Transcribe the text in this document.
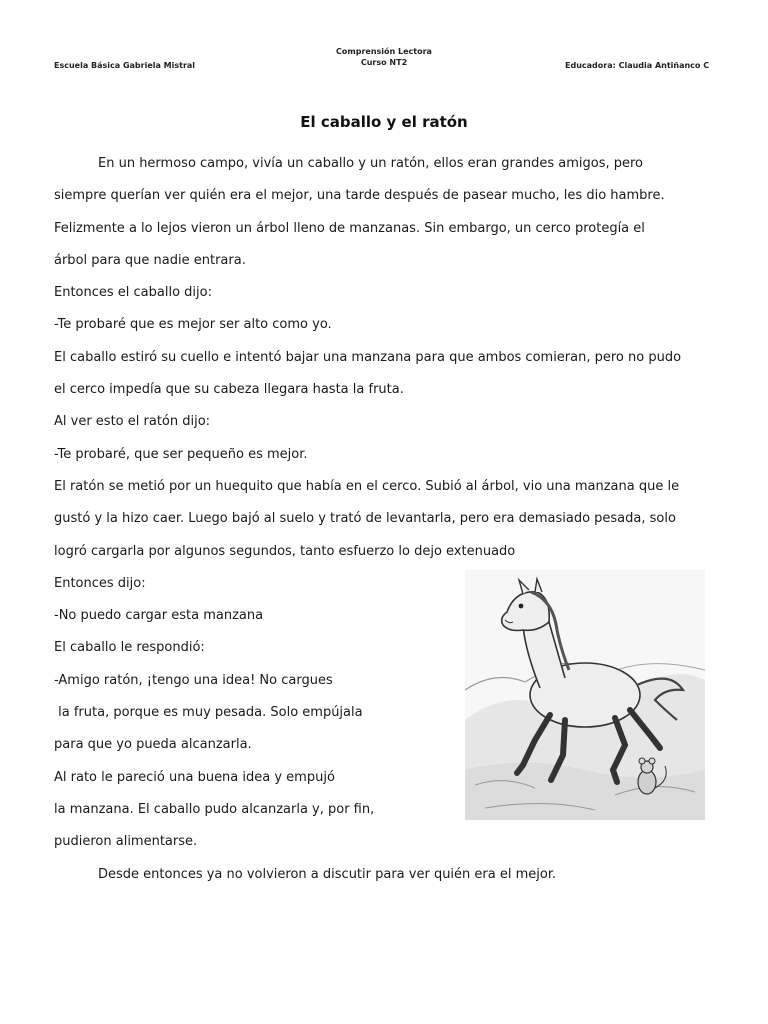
Comprensión Lectora
Curso NT2
Escuela Básica Gabriela Mistral	Educadora: Claudia Antiñanco C
El caballo y el ratón
En un hermoso campo, vivía un caballo y un ratón, ellos eran grandes amigos, pero
siempre querían ver quién era el mejor, una tarde después de pasear mucho, les dio hambre.
Felizmente a lo lejos vieron un árbol lleno de manzanas. Sin embargo, un cerco protegía el
árbol para que nadie entrara.
Entonces el caballo dijo:
-Te probaré que es mejor ser alto como yo.
El caballo estiró su cuello e intentó bajar una manzana para que ambos comieran, pero no pudo
el cerco impedía que su cabeza llegara hasta la fruta.
Al ver esto el ratón dijo:
-Te probaré, que ser pequeño es mejor.
El ratón se metió por un huequito que había en el cerco. Subió al árbol, vio una manzana que le
gustó y la hizo caer. Luego bajó al suelo y trató de levantarla, pero era demasiado pesada, solo
logró cargarla por algunos segundos, tanto esfuerzo lo dejo extenuado
Entonces dijo:
-No puedo cargar esta manzana
El caballo le respondió:
-Amigo ratón, ¡tengo una idea! No cargues
la fruta, porque es muy pesada. Solo empújala
para que yo pueda alcanzarla.
Al rato le pareció una buena idea y empujó
la manzana. El caballo pudo alcanzarla y, por fin,
pudieron alimentarse.
Desde entonces ya no volvieron a discutir para ver quién era el mejor.
